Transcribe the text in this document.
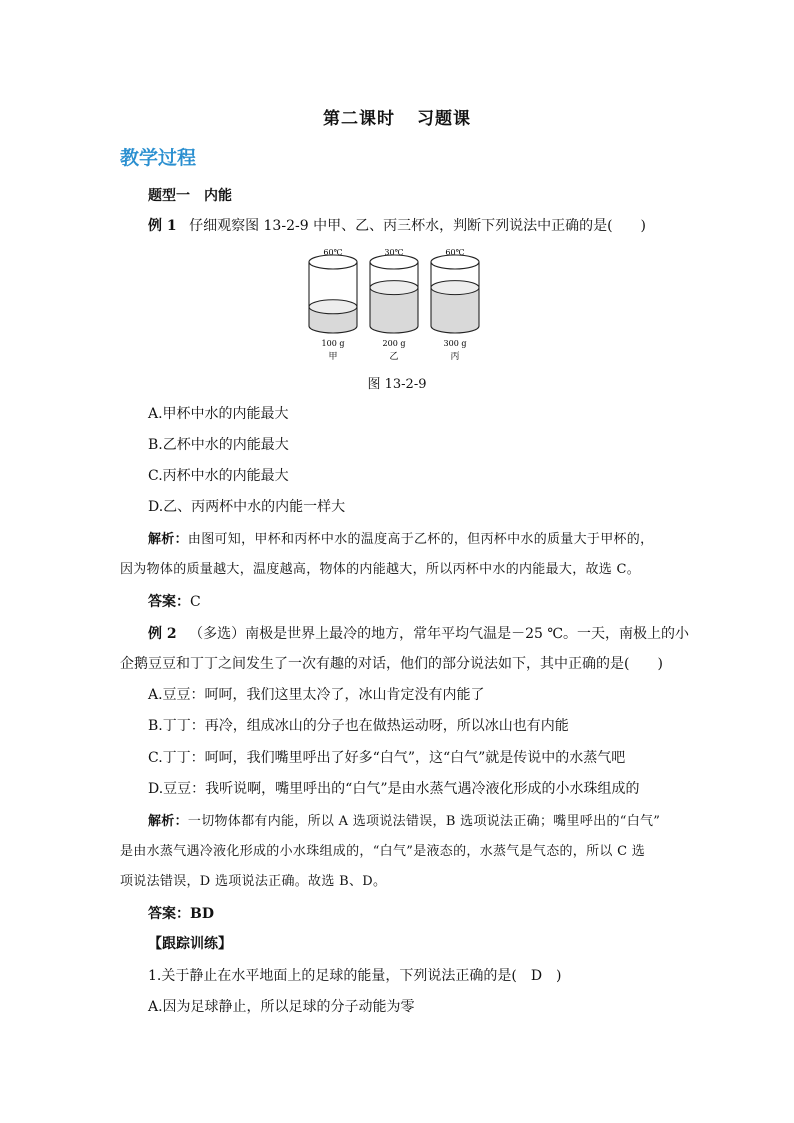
第二课时 习题课
教学过程
题型一　内能
例 1 仔细观察图 13-2-9 中甲、乙、丙三杯水，判断下列说法中正确的是(　　)
60℃
100 g
甲
30℃
200 g
乙
60℃
300 g
丙
图 13-2-9
A.甲杯中水的内能最大
B.乙杯中水的内能最大
C.丙杯中水的内能最大
D.乙、丙两杯中水的内能一样大
解析：由图可知，甲杯和丙杯中水的温度高于乙杯的，但丙杯中水的质量大于甲杯的，
因为物体的质量越大，温度越高，物体的内能越大，所以丙杯中水的内能最大，故选 C。
答案：C
例 2 （多选）南极是世界上最冷的地方，常年平均气温是－25 ℃。一天，南极上的小
企鹅豆豆和丁丁之间发生了一次有趣的对话，他们的部分说法如下，其中正确的是(　　)
A.豆豆：呵呵，我们这里太冷了，冰山肯定没有内能了
B.丁丁：再冷，组成冰山的分子也在做热运动呀，所以冰山也有内能
C.丁丁：呵呵，我们嘴里呼出了好多“白气”，这“白气”就是传说中的水蒸气吧
D.豆豆：我听说啊，嘴里呼出的“白气”是由水蒸气遇冷液化形成的小水珠组成的
解析：一切物体都有内能，所以 A 选项说法错误，B 选项说法正确；嘴里呼出的“白气”
是由水蒸气遇冷液化形成的小水珠组成的，“白气”是液态的，水蒸气是气态的，所以 C 选
项说法错误，D 选项说法正确。故选 B、D。
答案：BD
【跟踪训练】
1.关于静止在水平地面上的足球的能量，下列说法正确的是(　D　)
A.因为足球静止，所以足球的分子动能为零
